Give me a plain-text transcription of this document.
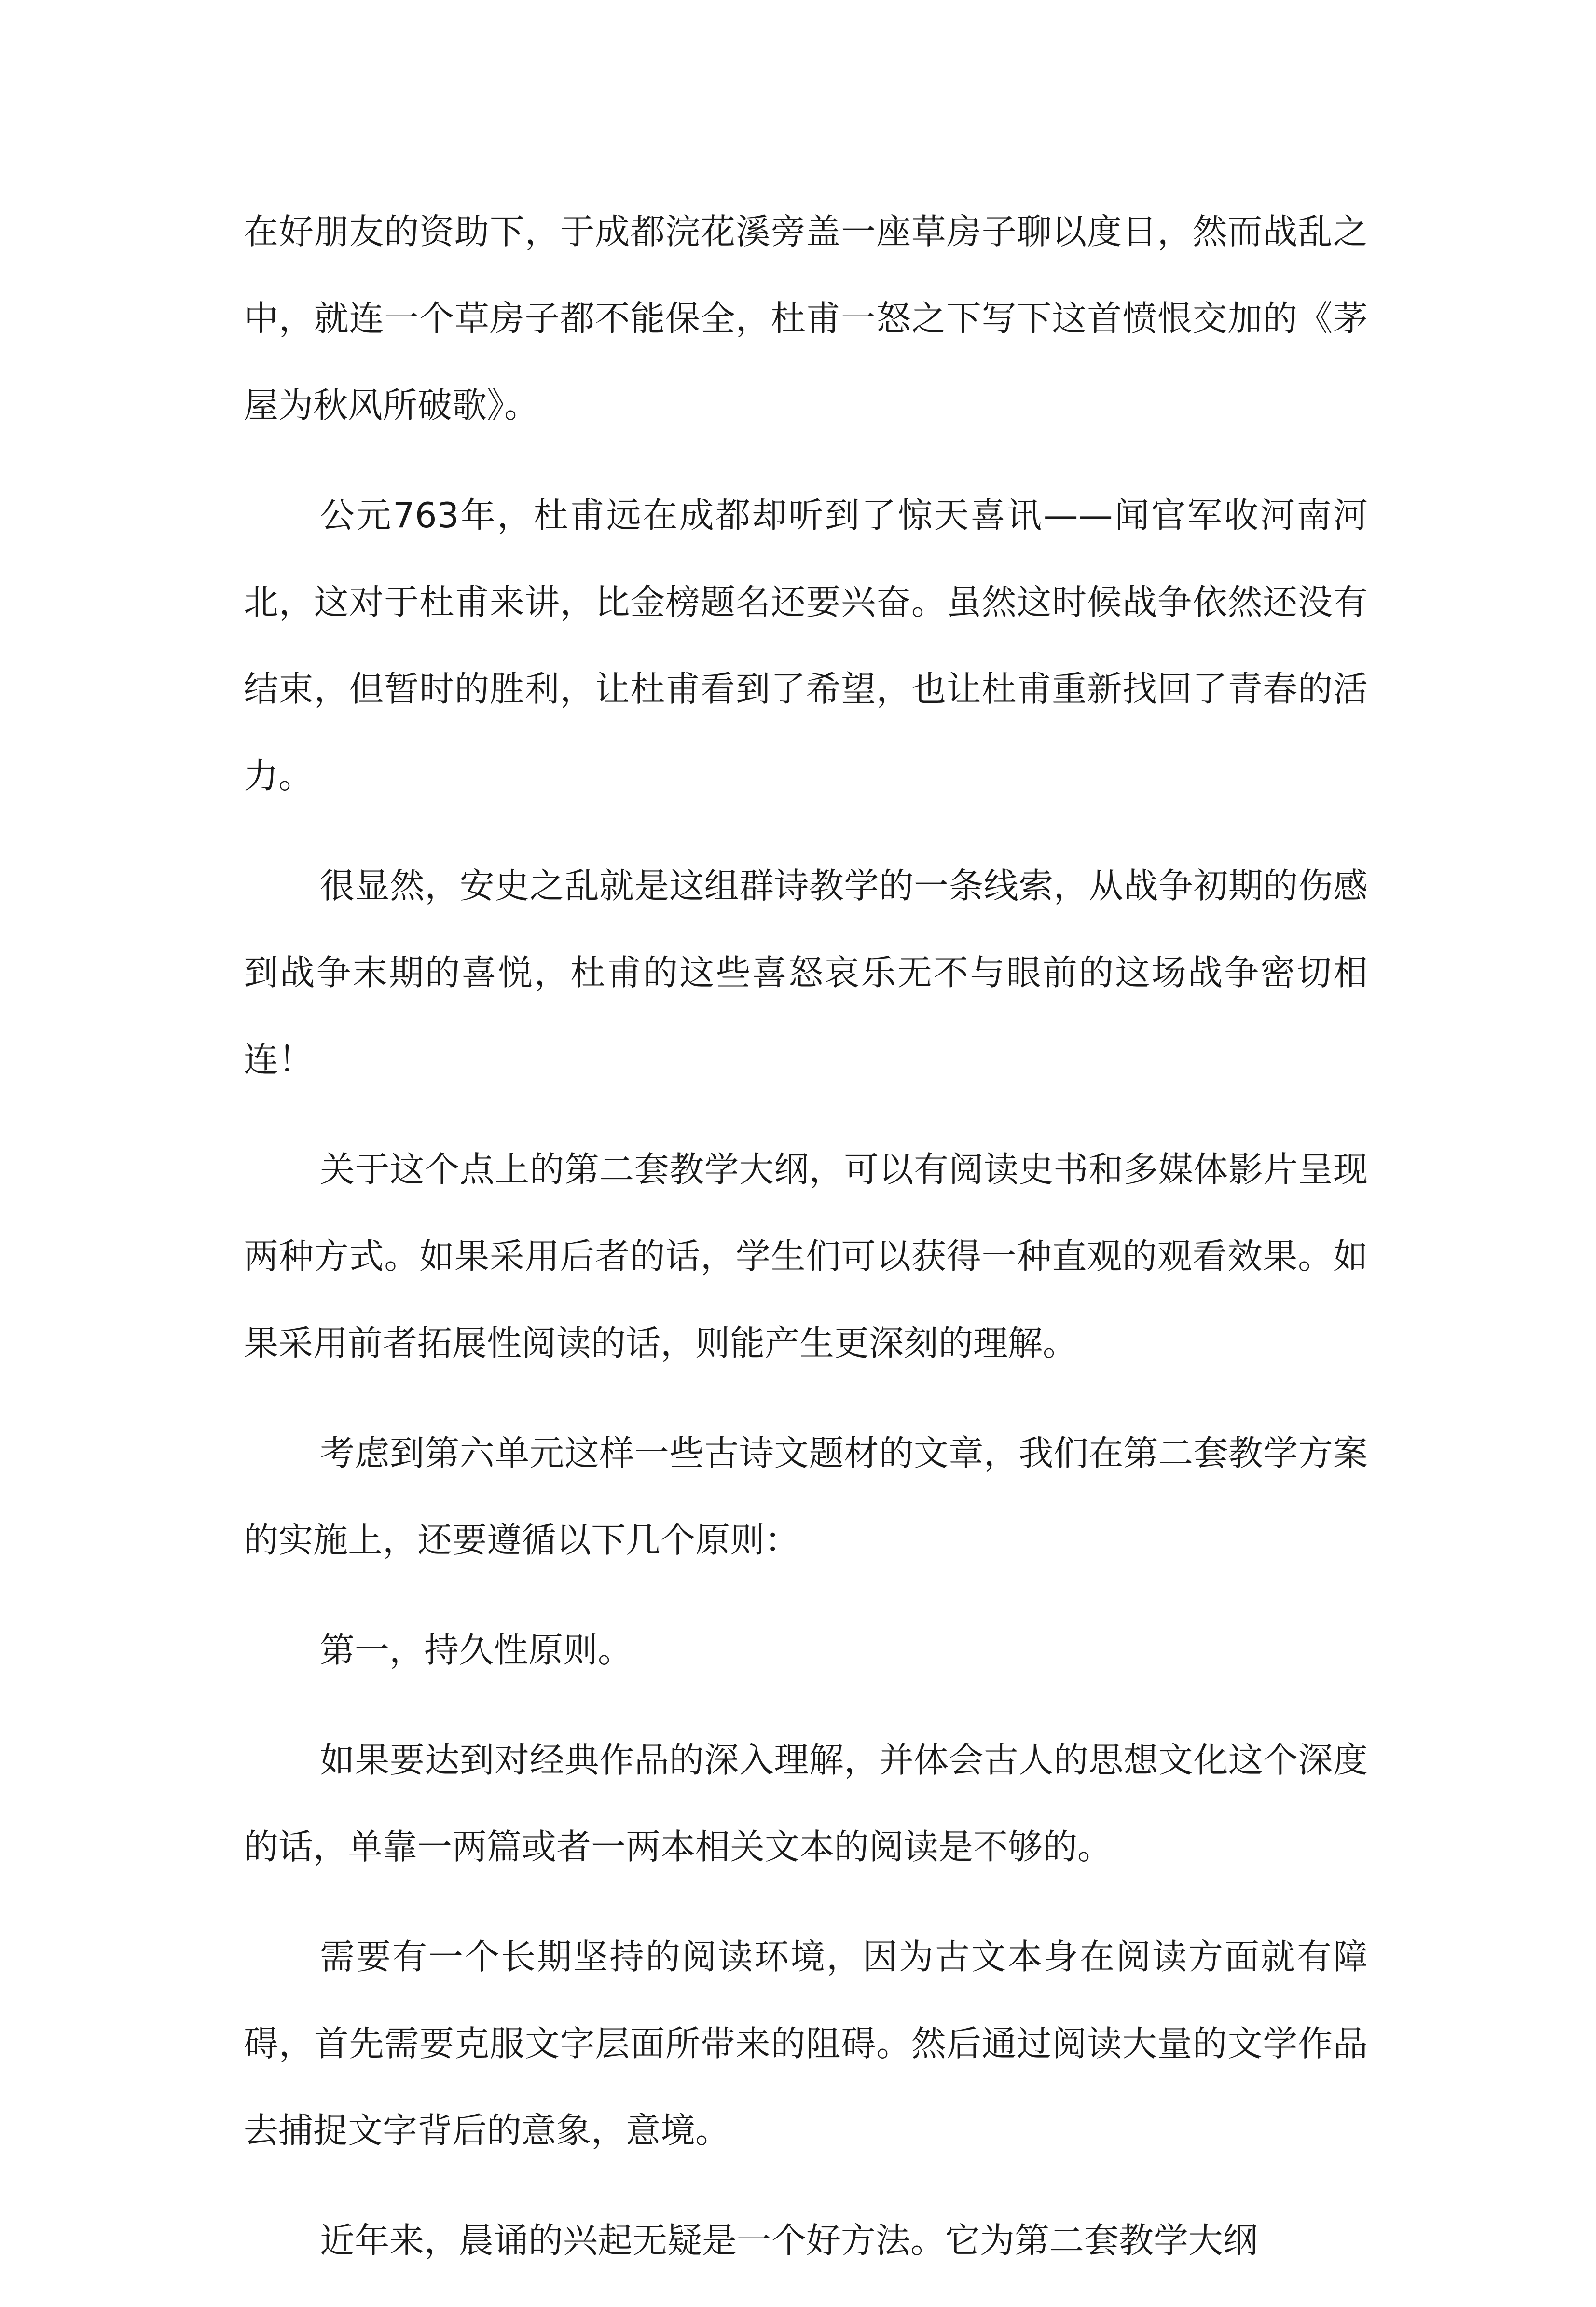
在好朋友的资助下，于成都浣花溪旁盖一座草房子聊以度日，然而战乱之中，就连一个草房子都不能保全，杜甫一怒之下写下这首愤恨交加的《茅屋为秋风所破歌》。

公元763年，杜甫远在成都却听到了惊天喜讯——闻官军收河南河北，这对于杜甫来讲，比金榜题名还要兴奋。虽然这时候战争依然还没有结束，但暂时的胜利，让杜甫看到了希望，也让杜甫重新找回了青春的活力。

很显然，安史之乱就是这组群诗教学的一条线索，从战争初期的伤感到战争末期的喜悦，杜甫的这些喜怒哀乐无不与眼前的这场战争密切相连！

关于这个点上的第二套教学大纲，可以有阅读史书和多媒体影片呈现两种方式。如果采用后者的话，学生们可以获得一种直观的观看效果。如果采用前者拓展性阅读的话，则能产生更深刻的理解。

考虑到第六单元这样一些古诗文题材的文章，我们在第二套教学方案的实施上，还要遵循以下几个原则：

第一，持久性原则。

如果要达到对经典作品的深入理解，并体会古人的思想文化这个深度的话，单靠一两篇或者一两本相关文本的阅读是不够的。

需要有一个长期坚持的阅读环境，因为古文本身在阅读方面就有障碍，首先需要克服文字层面所带来的阻碍。然后通过阅读大量的文学作品 去捕捉文字背后的意象，意境。

近年来，晨诵的兴起无疑是一个好方法。它为第二套教学大纲
